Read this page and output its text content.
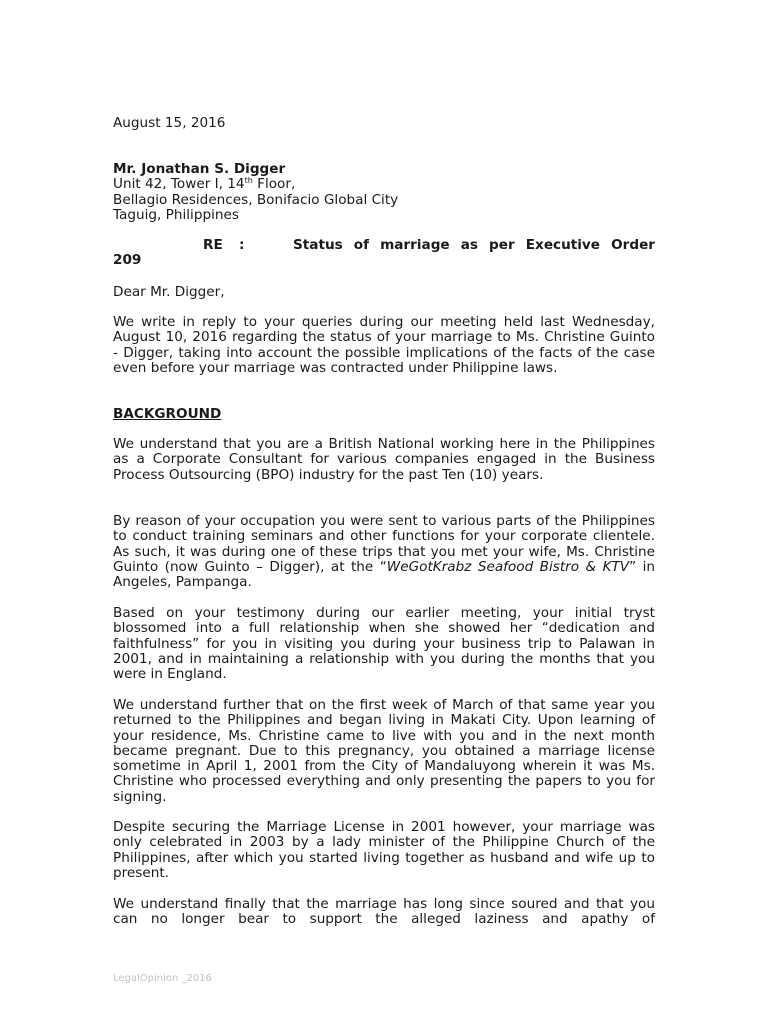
August 15, 2016
Mr. Jonathan S. Digger
Unit 42, Tower I, 14th Floor,
Bellagio Residences, Bonifacio Global City
Taguig, Philippines
RE	:	Status of marriage as per Executive Order
209
Dear Mr. Digger,

We write in reply to your queries during our meeting held last Wednesday, August 10, 2016 regarding the status of your marriage to Ms. Christine Guinto - Digger, taking into account the possible implications of the facts of the case even before your marriage was contracted under Philippine laws.

BACKGROUND

We understand that you are a British National working here in the Philippines as a Corporate Consultant for various companies engaged in the Business Process Outsourcing (BPO) industry for the past Ten (10) years.

By reason of your occupation you were sent to various parts of the Philippines to conduct training seminars and other functions for your corporate clientele. As such, it was during one of these trips that you met your wife, Ms. Christine Guinto (now Guinto – Digger), at the “WeGotKrabz Seafood Bistro & KTV” in Angeles, Pampanga.

Based on your testimony during our earlier meeting, your initial tryst blossomed into a full relationship when she showed her “dedication and faithfulness” for you in visiting you during your business trip to Palawan in 2001, and in maintaining a relationship with you during the months that you were in England.

We understand further that on the first week of March of that same year you returned to the Philippines and began living in Makati City. Upon learning of your residence, Ms. Christine came to live with you and in the next month became pregnant. Due to this pregnancy, you obtained a marriage license sometime in April 1, 2001 from the City of Mandaluyong wherein it was Ms. Christine who processed everything and only presenting the papers to you for signing.

Despite securing the Marriage License in 2001 however, your marriage was only celebrated in 2003 by a lady minister of the Philippine Church of the Philippines, after which you started living together as husband and wife up to present.

We understand finally that the marriage has long since soured and that you can no longer bear to support the alleged laziness and apathy of

LegalOpinion _2016
